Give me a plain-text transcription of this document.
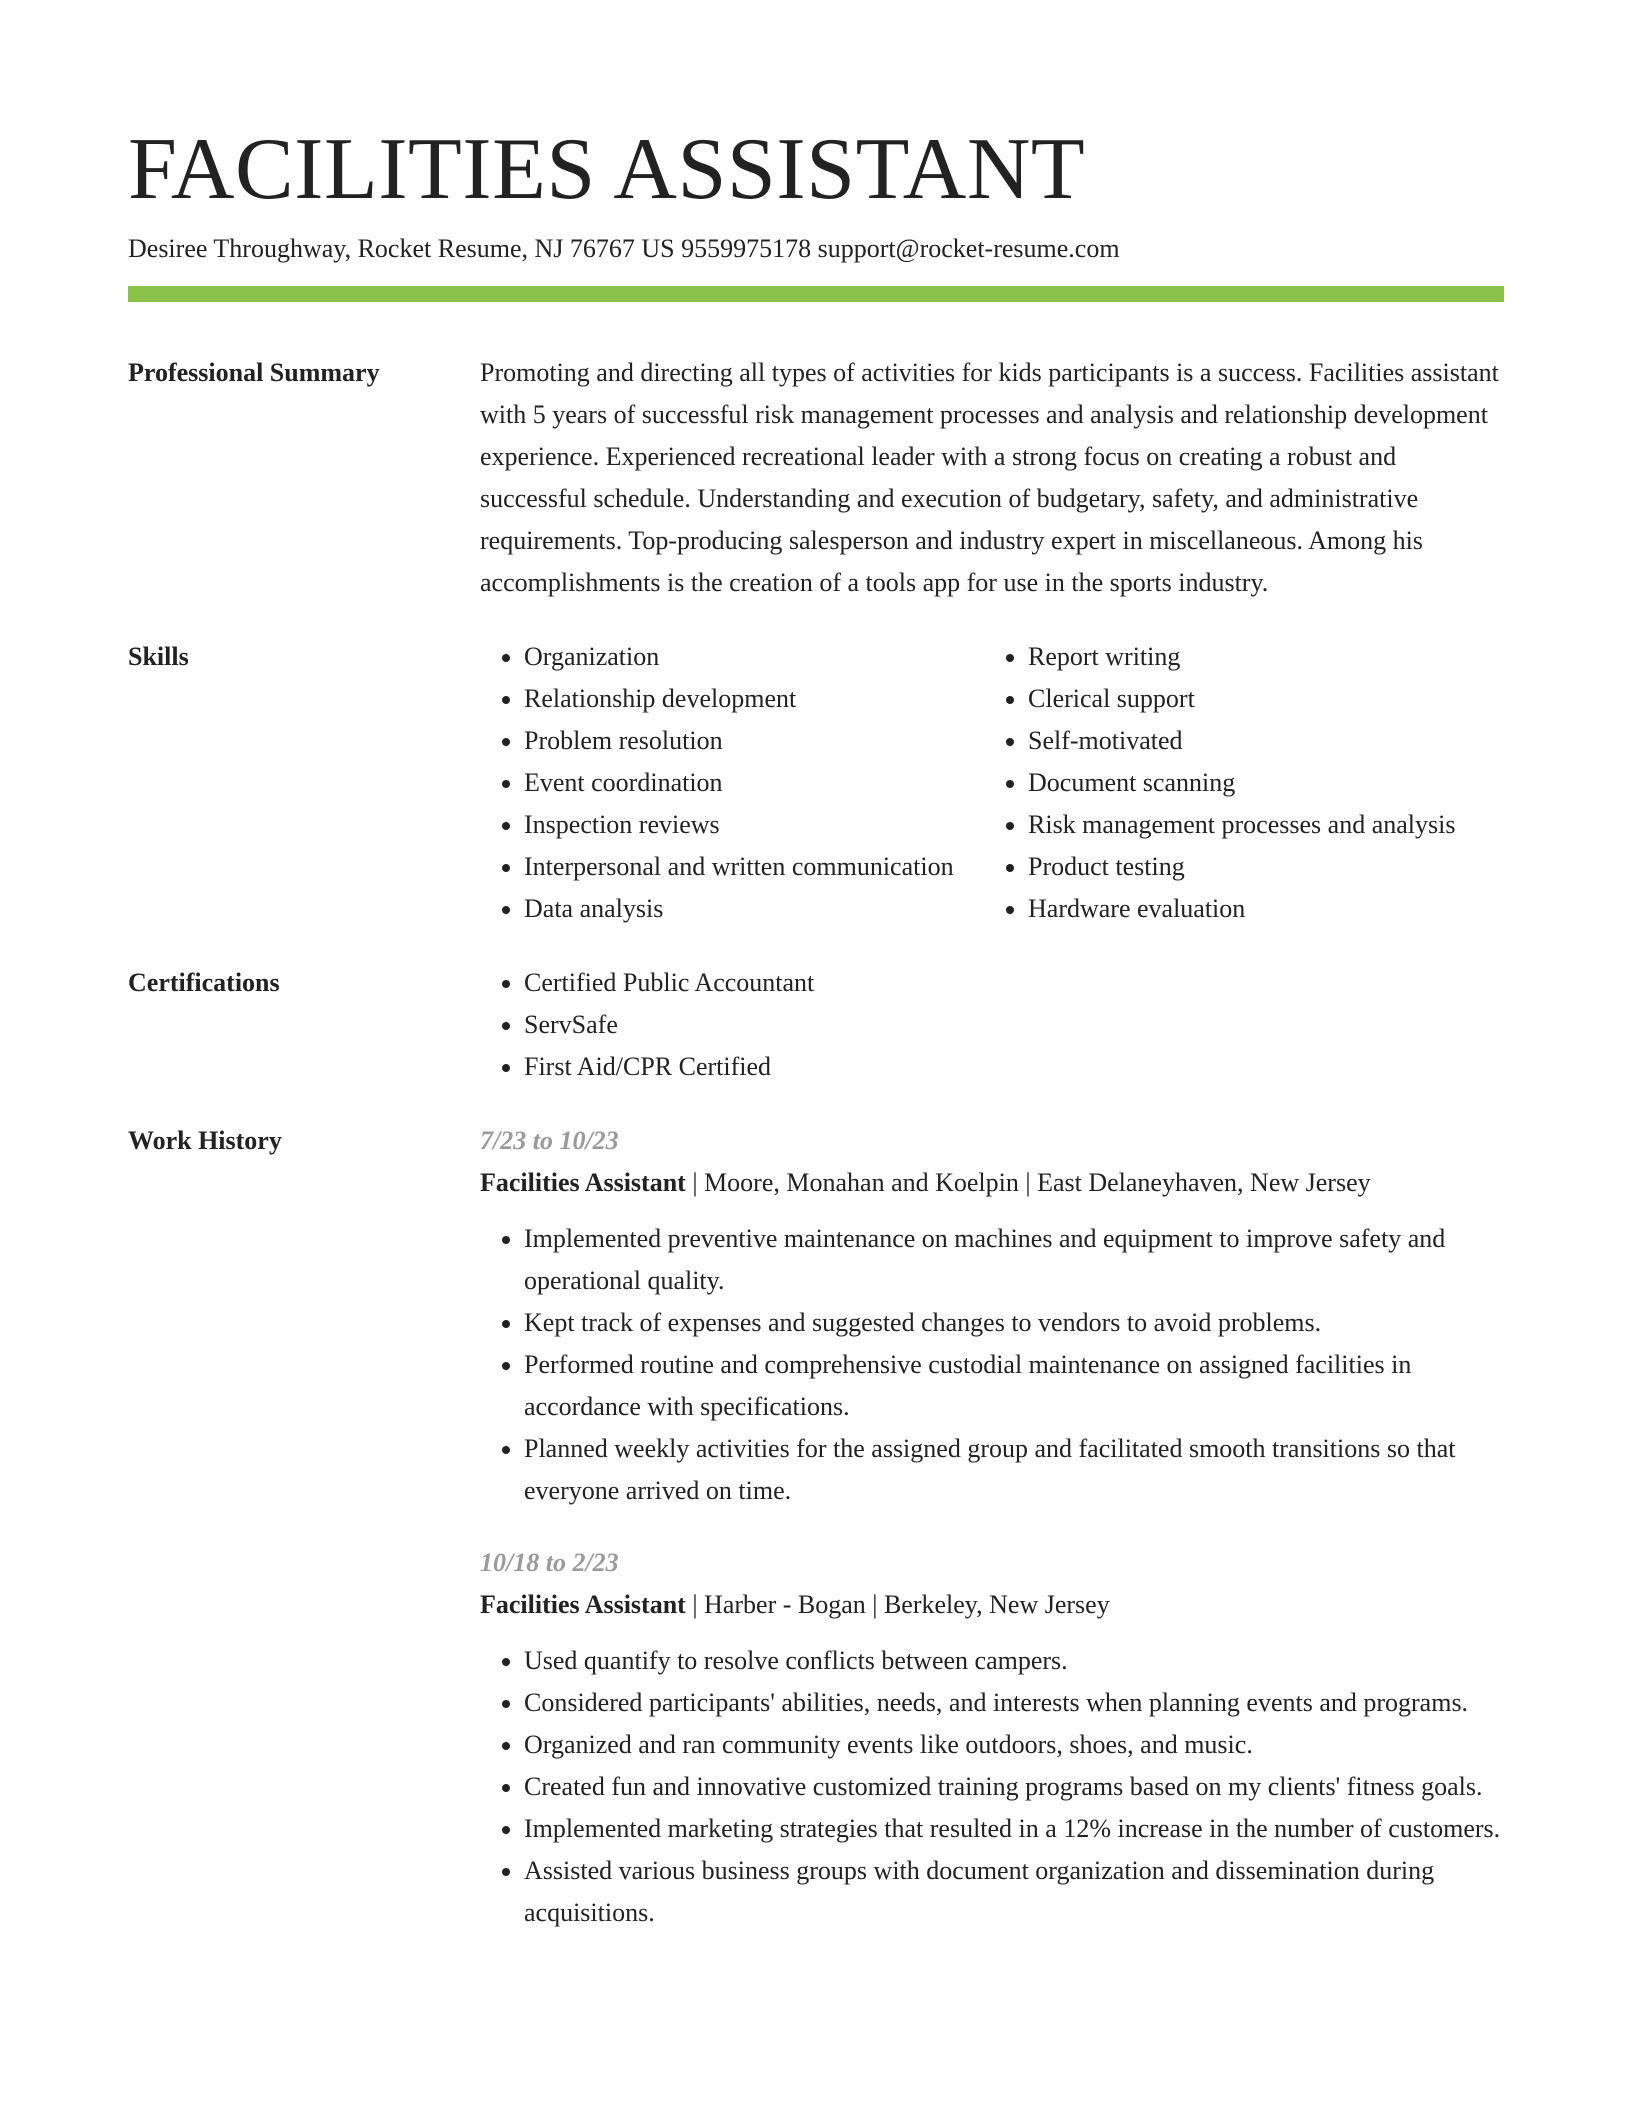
FACILITIES ASSISTANT
Desiree Throughway, Rocket Resume, NJ 76767 US 9559975178 support@rocket-resume.com
Professional Summary	Promoting and directing all types of activities for kids participants is a success. Facilities assistant with 5 years of successful risk management processes and analysis and relationship development experience. Experienced recreational leader with a strong focus on creating a robust and successful schedule. Understanding and execution of budgetary, safety, and administrative requirements. Top-producing salesperson and industry expert in miscellaneous. Among his accomplishments is the creation of a tools app for use in the sports industry.

Skills	• Organization
• Relationship development
• Problem resolution
• Event coordination
• Inspection reviews
• Interpersonal and written communication
• Data analysis
• Report writing
• Clerical support
• Self-motivated
• Document scanning
• Risk management processes and analysis
• Product testing
• Hardware evaluation
Certifications	• Certified Public Accountant
• ServSafe
• First Aid/CPR Certified
Work History	7/23 to 10/23
Facilities Assistant | Moore, Monahan and Koelpin | East Delaneyhaven, New Jersey
• Implemented preventive maintenance on machines and equipment to improve safety and operational quality.
• Kept track of expenses and suggested changes to vendors to avoid problems.
• Performed routine and comprehensive custodial maintenance on assigned facilities in accordance with specifications.
• Planned weekly activities for the assigned group and facilitated smooth transitions so that everyone arrived on time.
10/18 to 2/23
Facilities Assistant | Harber - Bogan | Berkeley, New Jersey
• Used quantify to resolve conflicts between campers.
• Considered participants' abilities, needs, and interests when planning events and programs.
• Organized and ran community events like outdoors, shoes, and music.
• Created fun and innovative customized training programs based on my clients' fitness goals.
• Implemented marketing strategies that resulted in a 12% increase in the number of customers.
• Assisted various business groups with document organization and dissemination during acquisitions.
